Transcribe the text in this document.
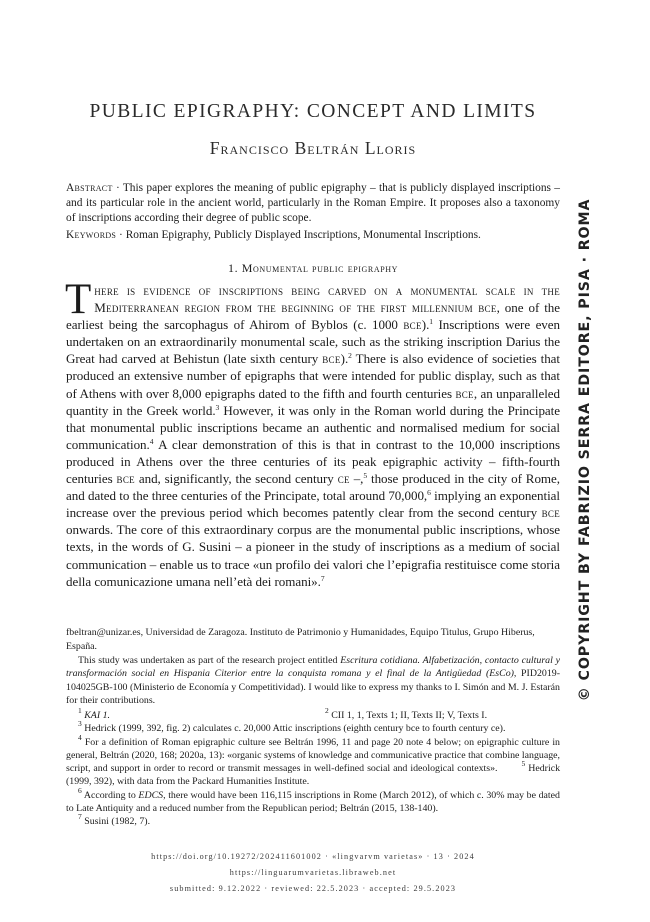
PUBLIC EPIGRAPHY: CONCEPT AND LIMITS
Francisco Beltrán Lloris
Abstract · This paper explores the meaning of public epigraphy – that is publicly displayed inscriptions – and its particular role in the ancient world, particularly in the Roman Empire. It proposes also a taxonomy of inscriptions according their degree of public scope.
Keywords · Roman Epigraphy, Publicly Displayed Inscriptions, Monumental Inscriptions.
1. Monumental public epigraphy
There is evidence of inscriptions being carved on a monumental scale in the Mediterranean region from the beginning of the first millennium bce, one of the earliest being the sarcophagus of Ahirom of Byblos (c. 1000 bce).$^1$ Inscriptions were even undertaken on an extraordinarily monumental scale, such as the striking inscription Darius the Great had carved at Behistun (late sixth century bce).$^2$ There is also evidence of societies that produced an extensive number of epigraphs that were intended for public display, such as that of Athens with over 8,000 epigraphs dated to the fifth and fourth centuries bce, an unparalleled quantity in the Greek world.$^3$ However, it was only in the Roman world during the Principate that monumental public inscriptions became an authentic and normalised medium for social communication.$^4$ A clear demonstration of this is that in contrast to the 10,000 inscriptions produced in Athens over the three centuries of its peak epigraphic activity – fifth-fourth centuries bce and, significantly, the second century ce –,$^5$ those produced in the city of Rome, and dated to the three centuries of the Principate, total around 70,000,$^6$ implying an exponential increase over the previous period which becomes patently clear from the second century bce onwards. The core of this extraordinary corpus are the monumental public inscriptions, whose texts, in the words of G. Susini – a pioneer in the study of inscriptions as a medium of social communication – enable us to trace «un profilo dei valori che l’epigrafia restituisce come storia della comunicazione umana nell’età dei romani».$^7$
fbeltran@unizar.es, Universidad de Zaragoza. Instituto de Patrimonio y Humanidades, Equipo Titulus, Grupo Hiberus, España.
This study was undertaken as part of the research project entitled Escritura cotidiana. Alfabetización, contacto cultural y transformación social en Hispania Citerior entre la conquista romana y el final de la Antigüedad (EsCo), PID2019-104025GB-100 (Ministerio de Economía y Competitividad). I would like to express my thanks to I. Simón and M. J. Estarán for their contributions.
$^1$ KAI 1.	$^2$ CII 1, 1, Texts 1; II, Texts II; V, Texts I.
$^3$ Hedrick (1999, 392, fig. 2) calculates c. 20,000 Attic inscriptions (eighth century bce to fourth century ce).
$^4$ For a definition of Roman epigraphic culture see Beltrán 1996, 11 and page 20 note 4 below; on epigraphic culture in general, Beltrán (2020, 168; 2020a, 13): «organic systems of knowledge and communicative practice that combine language, script, and support in order to record or transmit messages in well-defined social and ideological contexts».	$^5$ Hedrick (1999, 392), with data from the Packard Humanities Institute.
$^6$ According to EDCS, there would have been 116,115 inscriptions in Rome (March 2012), of which c. 30% may be dated to Late Antiquity and a reduced number from the Republican period; Beltrán (2015, 138-140).
$^7$ Susini (1982, 7).
https://doi.org/10.19272/202411601002 · «lingvarvm varietas» · 13 · 2024
https://linguarumvarietas.libraweb.net
submitted: 9.12.2022 · reviewed: 22.5.2023 · accepted: 29.5.2023
© COPYRIGHT BY FABRIZIO SERRA EDITORE, PISA · ROMA
